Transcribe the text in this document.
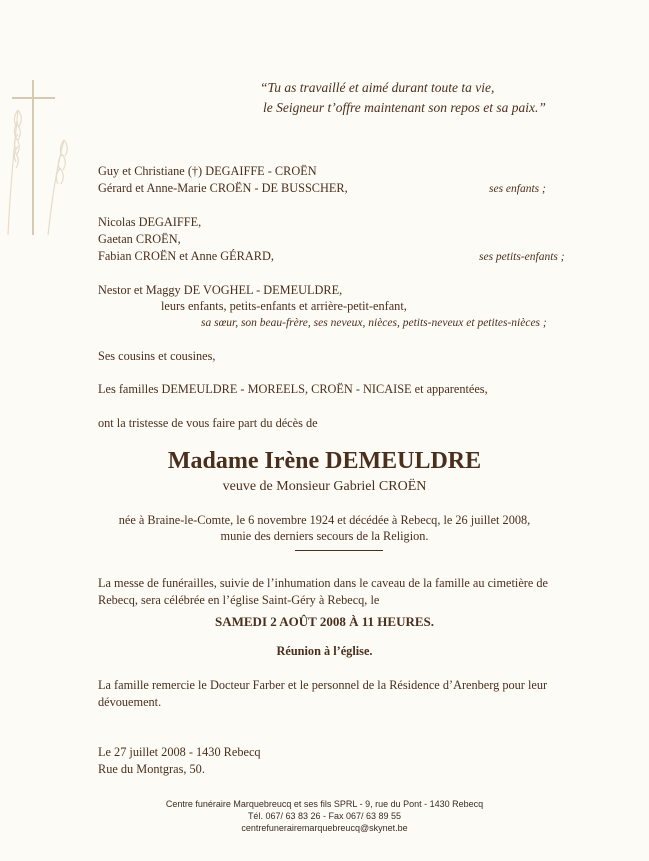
“Tu as travaillé et aimé durant toute ta vie,
le Seigneur t’offre maintenant son repos et sa paix.”
Guy et Christiane (†) DEGAIFFE - CROËN
Gérard et Anne-Marie CROËN - DE BUSSCHER,	ses enfants ;
Nicolas DEGAIFFE,
Gaetan CROËN,
Fabian CROËN et Anne GÉRARD,	ses petits-enfants ;
Nestor et Maggy DE VOGHEL - DEMEULDRE,
leurs enfants, petits-enfants et arrière-petit-enfant,
sa sœur, son beau-frère, ses neveux, nièces, petits-neveux et petites-nièces ;
Ses cousins et cousines,
Les familles DEMEULDRE - MOREELS, CROËN - NICAISE et apparentées,
ont la tristesse de vous faire part du décès de
Madame Irène DEMEULDRE
veuve de Monsieur Gabriel CROËN
née à Braine-le-Comte, le 6 novembre 1924 et décédée à Rebecq, le 26 juillet 2008,
munie des derniers secours de la Religion.
La messe de funérailles, suivie de l’inhumation dans le caveau de la famille au cimetière de
Rebecq, sera célébrée en l’église Saint-Géry à Rebecq, le
SAMEDI 2 AOÛT 2008 À 11 HEURES.
Réunion à l’église.
La famille remercie le Docteur Farber et le personnel de la Résidence d’Arenberg pour leur
dévouement.
Le 27 juillet 2008 - 1430 Rebecq
Rue du Montgras, 50.
Centre funéraire Marquebreucq et ses fils SPRL - 9, rue du Pont - 1430 Rebecq
Tél. 067/ 63 83 26 - Fax 067/ 63 89 55
centrefunerairemarquebreucq@skynet.be
